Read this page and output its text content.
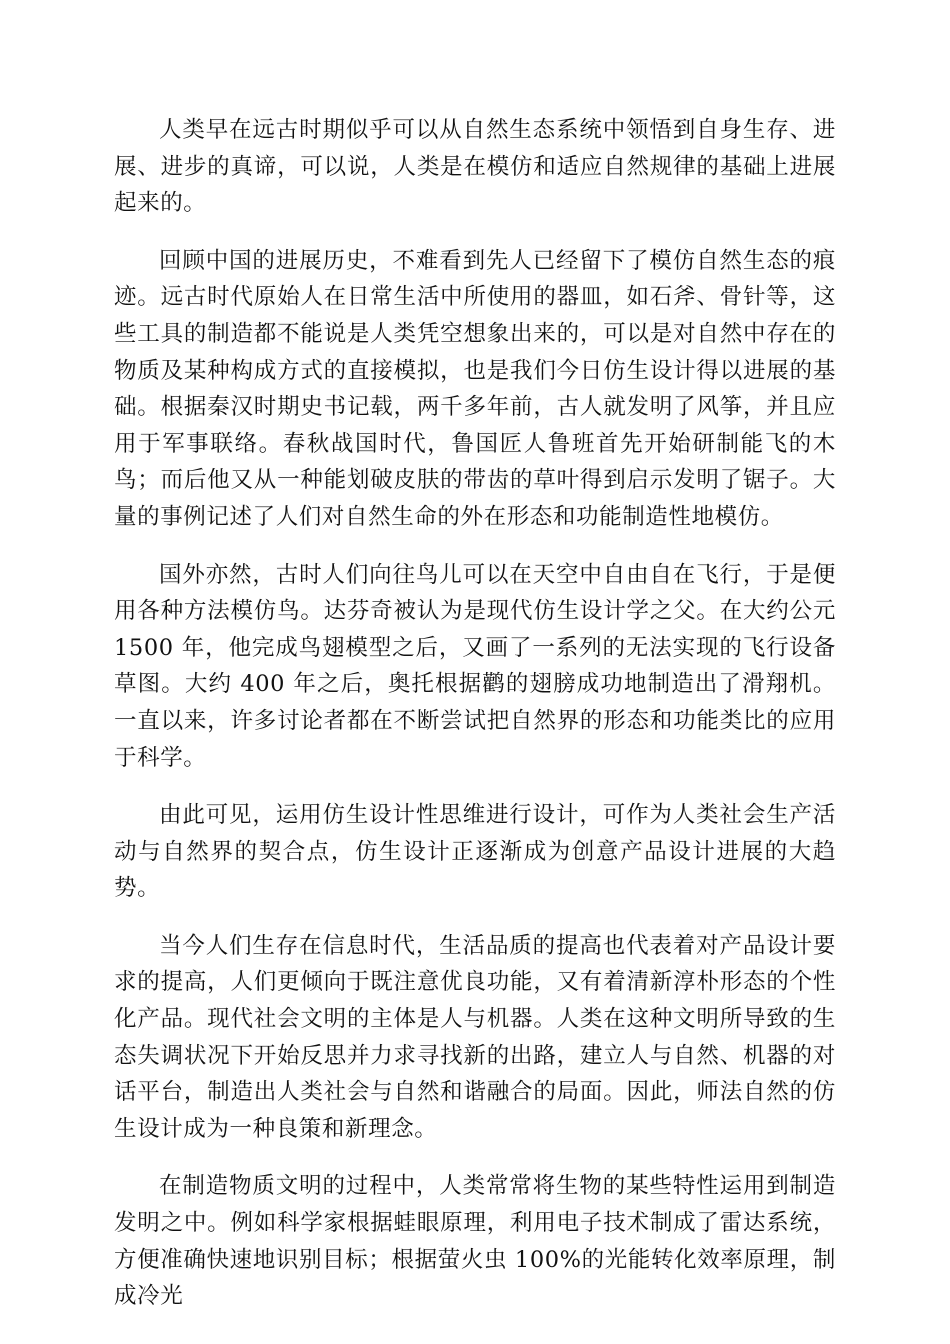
人类早在远古时期似乎可以从自然生态系统中领悟到自身生存、进展、进步的真谛，可以说，人类是在模仿和适应自然规律的基础上进展起来的。

回顾中国的进展历史，不难看到先人已经留下了模仿自然生态的痕迹。远古时代原始人在日常生活中所使用的器皿，如石斧、骨针等，这些工具的制造都不能说是人类凭空想象出来的，可以是对自然中存在的物质及某种构成方式的直接模拟，也是我们今日仿生设计得以进展的基础。根据秦汉时期史书记载，两千多年前，古人就发明了风筝，并且应用于军事联络。春秋战国时代，鲁国匠人鲁班首先开始研制能飞的木鸟；而后他又从一种能划破皮肤的带齿的草叶得到启示发明了锯子。大量的事例记述了人们对自然生命的外在形态和功能制造性地模仿。

国外亦然，古时人们向往鸟儿可以在天空中自由自在飞行，于是便用各种方法模仿鸟。达芬奇被认为是现代仿生设计学之父。在大约公元 1500 年，他完成鸟翅模型之后，又画了一系列的无法实现的飞行设备草图。大约 400 年之后，奥托根据鹳的翅膀成功地制造出了滑翔机。一直以来，许多讨论者都在不断尝试把自然界的形态和功能类比的应用于科学。

由此可见，运用仿生设计性思维进行设计，可作为人类社会生产活动与自然界的契合点，仿生设计正逐渐成为创意产品设计进展的大趋势。

当今人们生存在信息时代，生活品质的提高也代表着对产品设计要求的提高，人们更倾向于既注意优良功能，又有着清新淳朴形态的个性化产品。现代社会文明的主体是人与机器。人类在这种文明所导致的生态失调状况下开始反思并力求寻找新的出路，建立人与自然、机器的对话平台，制造出人类社会与自然和谐融合的局面。因此，师法自然的仿生设计成为一种良策和新理念。

在制造物质文明的过程中，人类常常将生物的某些特性运用到制造发明之中。例如科学家根据蛙眼原理，利用电子技术制成了雷达系统，方便准确快速地识别目标；根据萤火虫 100%的光能转化效率原理，制成冷光
